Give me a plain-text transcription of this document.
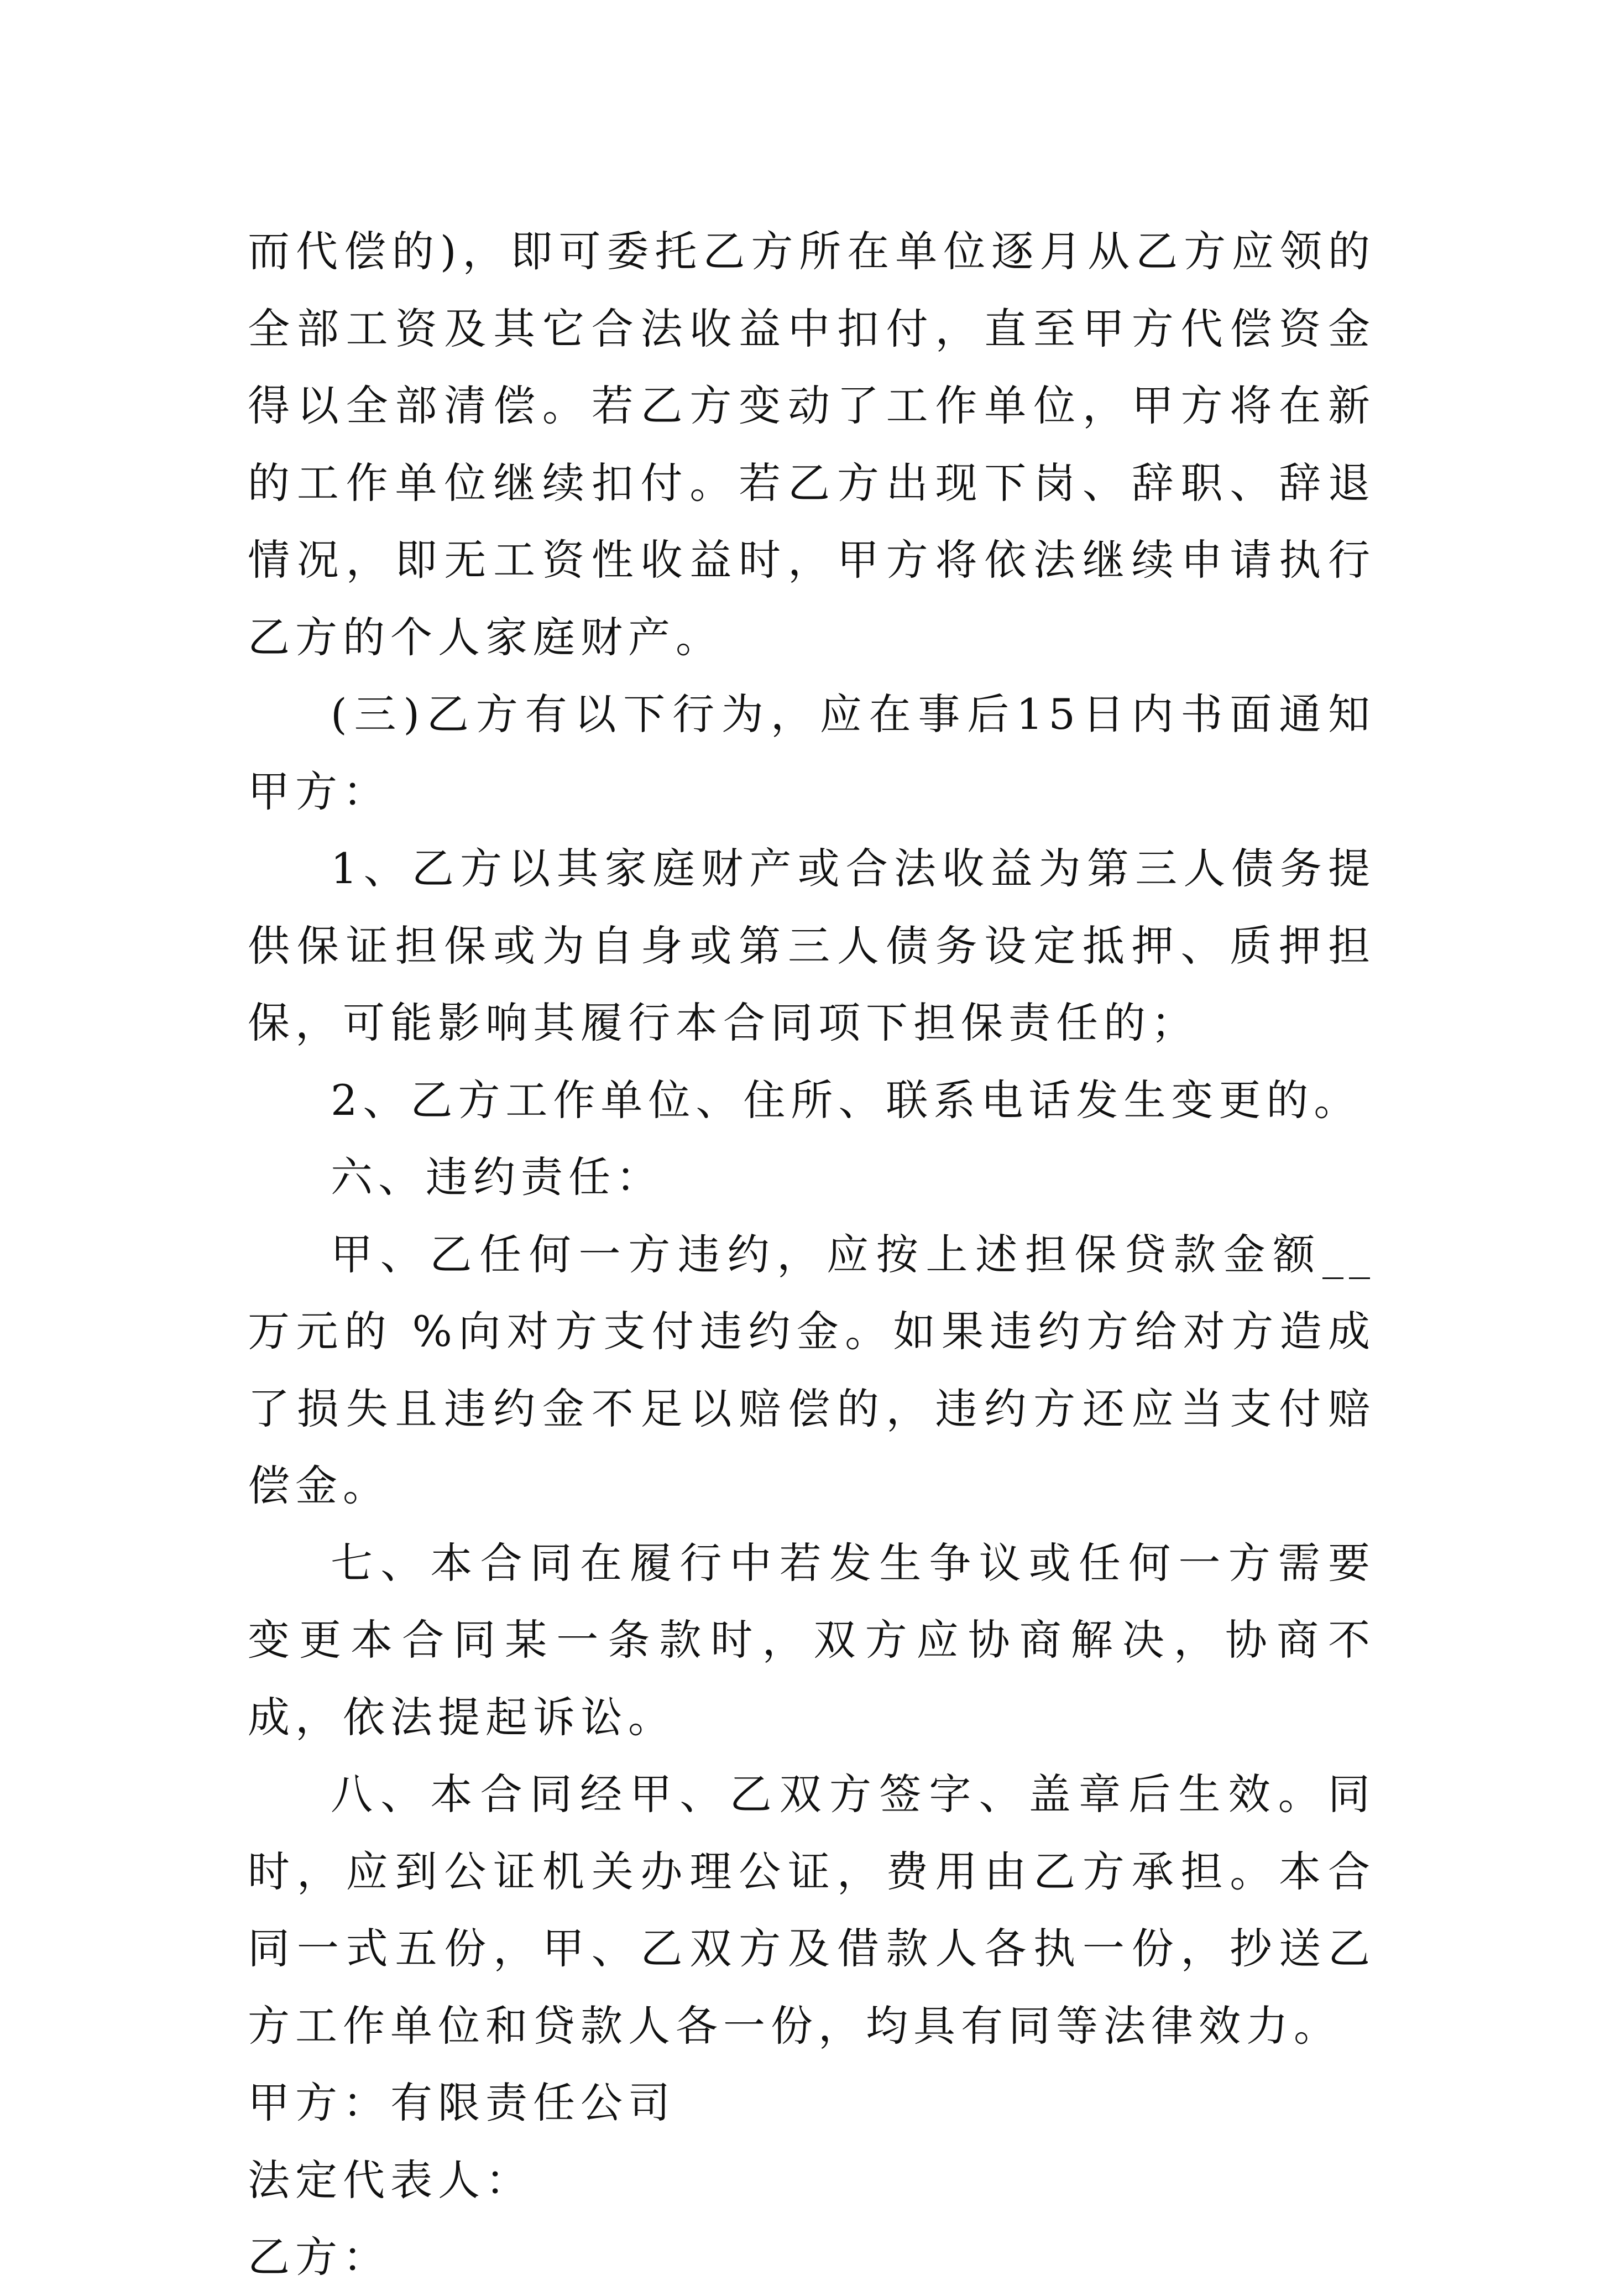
而代偿的)，即可委托乙方所在单位逐月从乙方应领的全部工资及其它合法收益中扣付，直至甲方代偿资金得以全部清偿。若乙方变动了工作单位，甲方将在新的工作单位继续扣付。若乙方出现下岗、辞职、辞退情况，即无工资性收益时，甲方将依法继续申请执行乙方的个人家庭财产。

(三)乙方有以下行为，应在事后15日内书面通知甲方：

1、乙方以其家庭财产或合法收益为第三人债务提供保证担保或为自身或第三人债务设定抵押、质押担保，可能影响其履行本合同项下担保责任的；

2、乙方工作单位、住所、联系电话发生变更的。

六、违约责任：

甲、乙任何一方违约，应按上述担保贷款金额__万元的 %向对方支付违约金。如果违约方给对方造成了损失且违约金不足以赔偿的，违约方还应当支付赔偿金。

七、本合同在履行中若发生争议或任何一方需要变更本合同某一条款时，双方应协商解决，协商不成，依法提起诉讼。

八、本合同经甲、乙双方签字、盖章后生效。同时，应到公证机关办理公证，费用由乙方承担。本合同一式五份，甲、乙双方及借款人各执一份，抄送乙方工作单位和贷款人各一份，均具有同等法律效力。

甲方：有限责任公司

法定代表人：

乙方：
